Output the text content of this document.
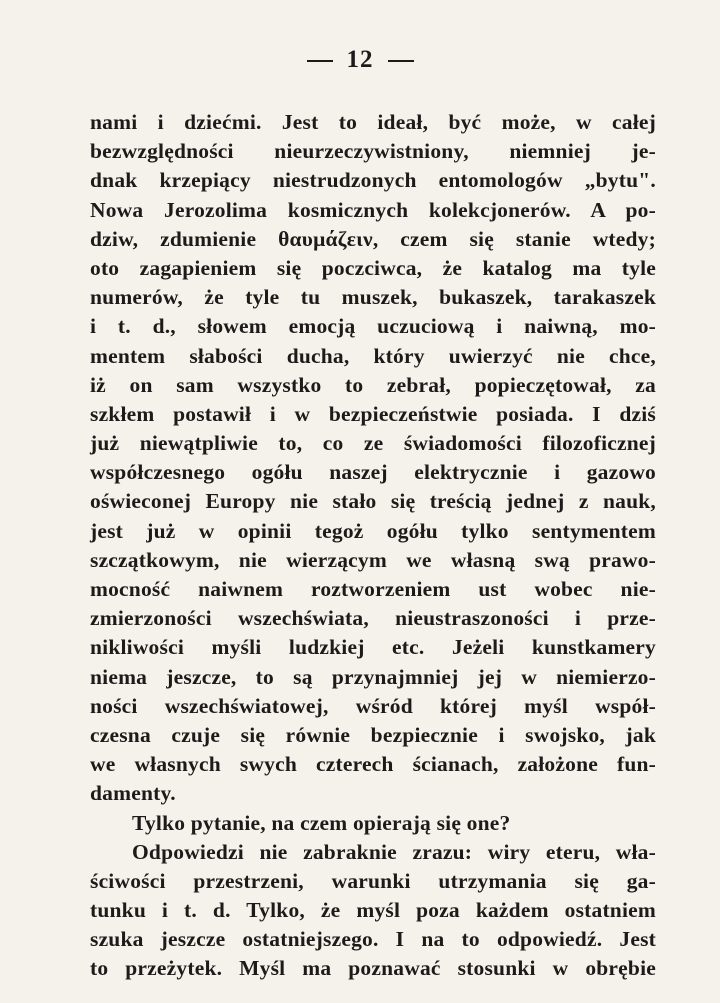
12
nami i dziećmi. Jest to ideał, być może, w całej
bezwzględności nieurzeczywistniony, niemniej je-
dnak krzepiący niestrudzonych entomologów „bytu".
Nowa Jerozolima kosmicznych kolekcjonerów. A po-
dziw, zdumienie θαυμάζειν, czem się stanie wtedy;
oto zagapieniem się poczciwca, że katalog ma tyle
numerów, że tyle tu muszek, bukaszek, tarakaszek
i t. d., słowem emocją uczuciową i naiwną, mo-
mentem słabości ducha, który uwierzyć nie chce,
iż on sam wszystko to zebrał, popieczętował, za
szkłem postawił i w bezpieczeństwie posiada. I dziś
już niewątpliwie to, co ze świadomości filozoficznej
współczesnego ogółu naszej elektrycznie i gazowo
oświeconej Europy nie stało się treścią jednej z nauk,
jest już w opinii tegoż ogółu tylko sentymentem
szczątkowym, nie wierzącym we własną swą prawo-
mocność naiwnem roztworzeniem ust wobec nie-
zmierzoności wszechświata, nieustraszoności i prze-
nikliwości myśli ludzkiej etc. Jeżeli kunstkamery
niema jeszcze, to są przynajmniej jej w niemierzo-
ności wszechświatowej, wśród której myśl współ-
czesna czuje się równie bezpiecznie i swojsko, jak
we własnych swych czterech ścianach, założone fun-
damenty.
Tylko pytanie, na czem opierają się one?
Odpowiedzi nie zabraknie zrazu: wiry eteru, wła-
ściwości przestrzeni, warunki utrzymania się ga-
tunku i t. d. Tylko, że myśl poza każdem ostatniem
szuka jeszcze ostatniejszego. I na to odpowiedź. Jest
to przeżytek. Myśl ma poznawać stosunki w obrębie
